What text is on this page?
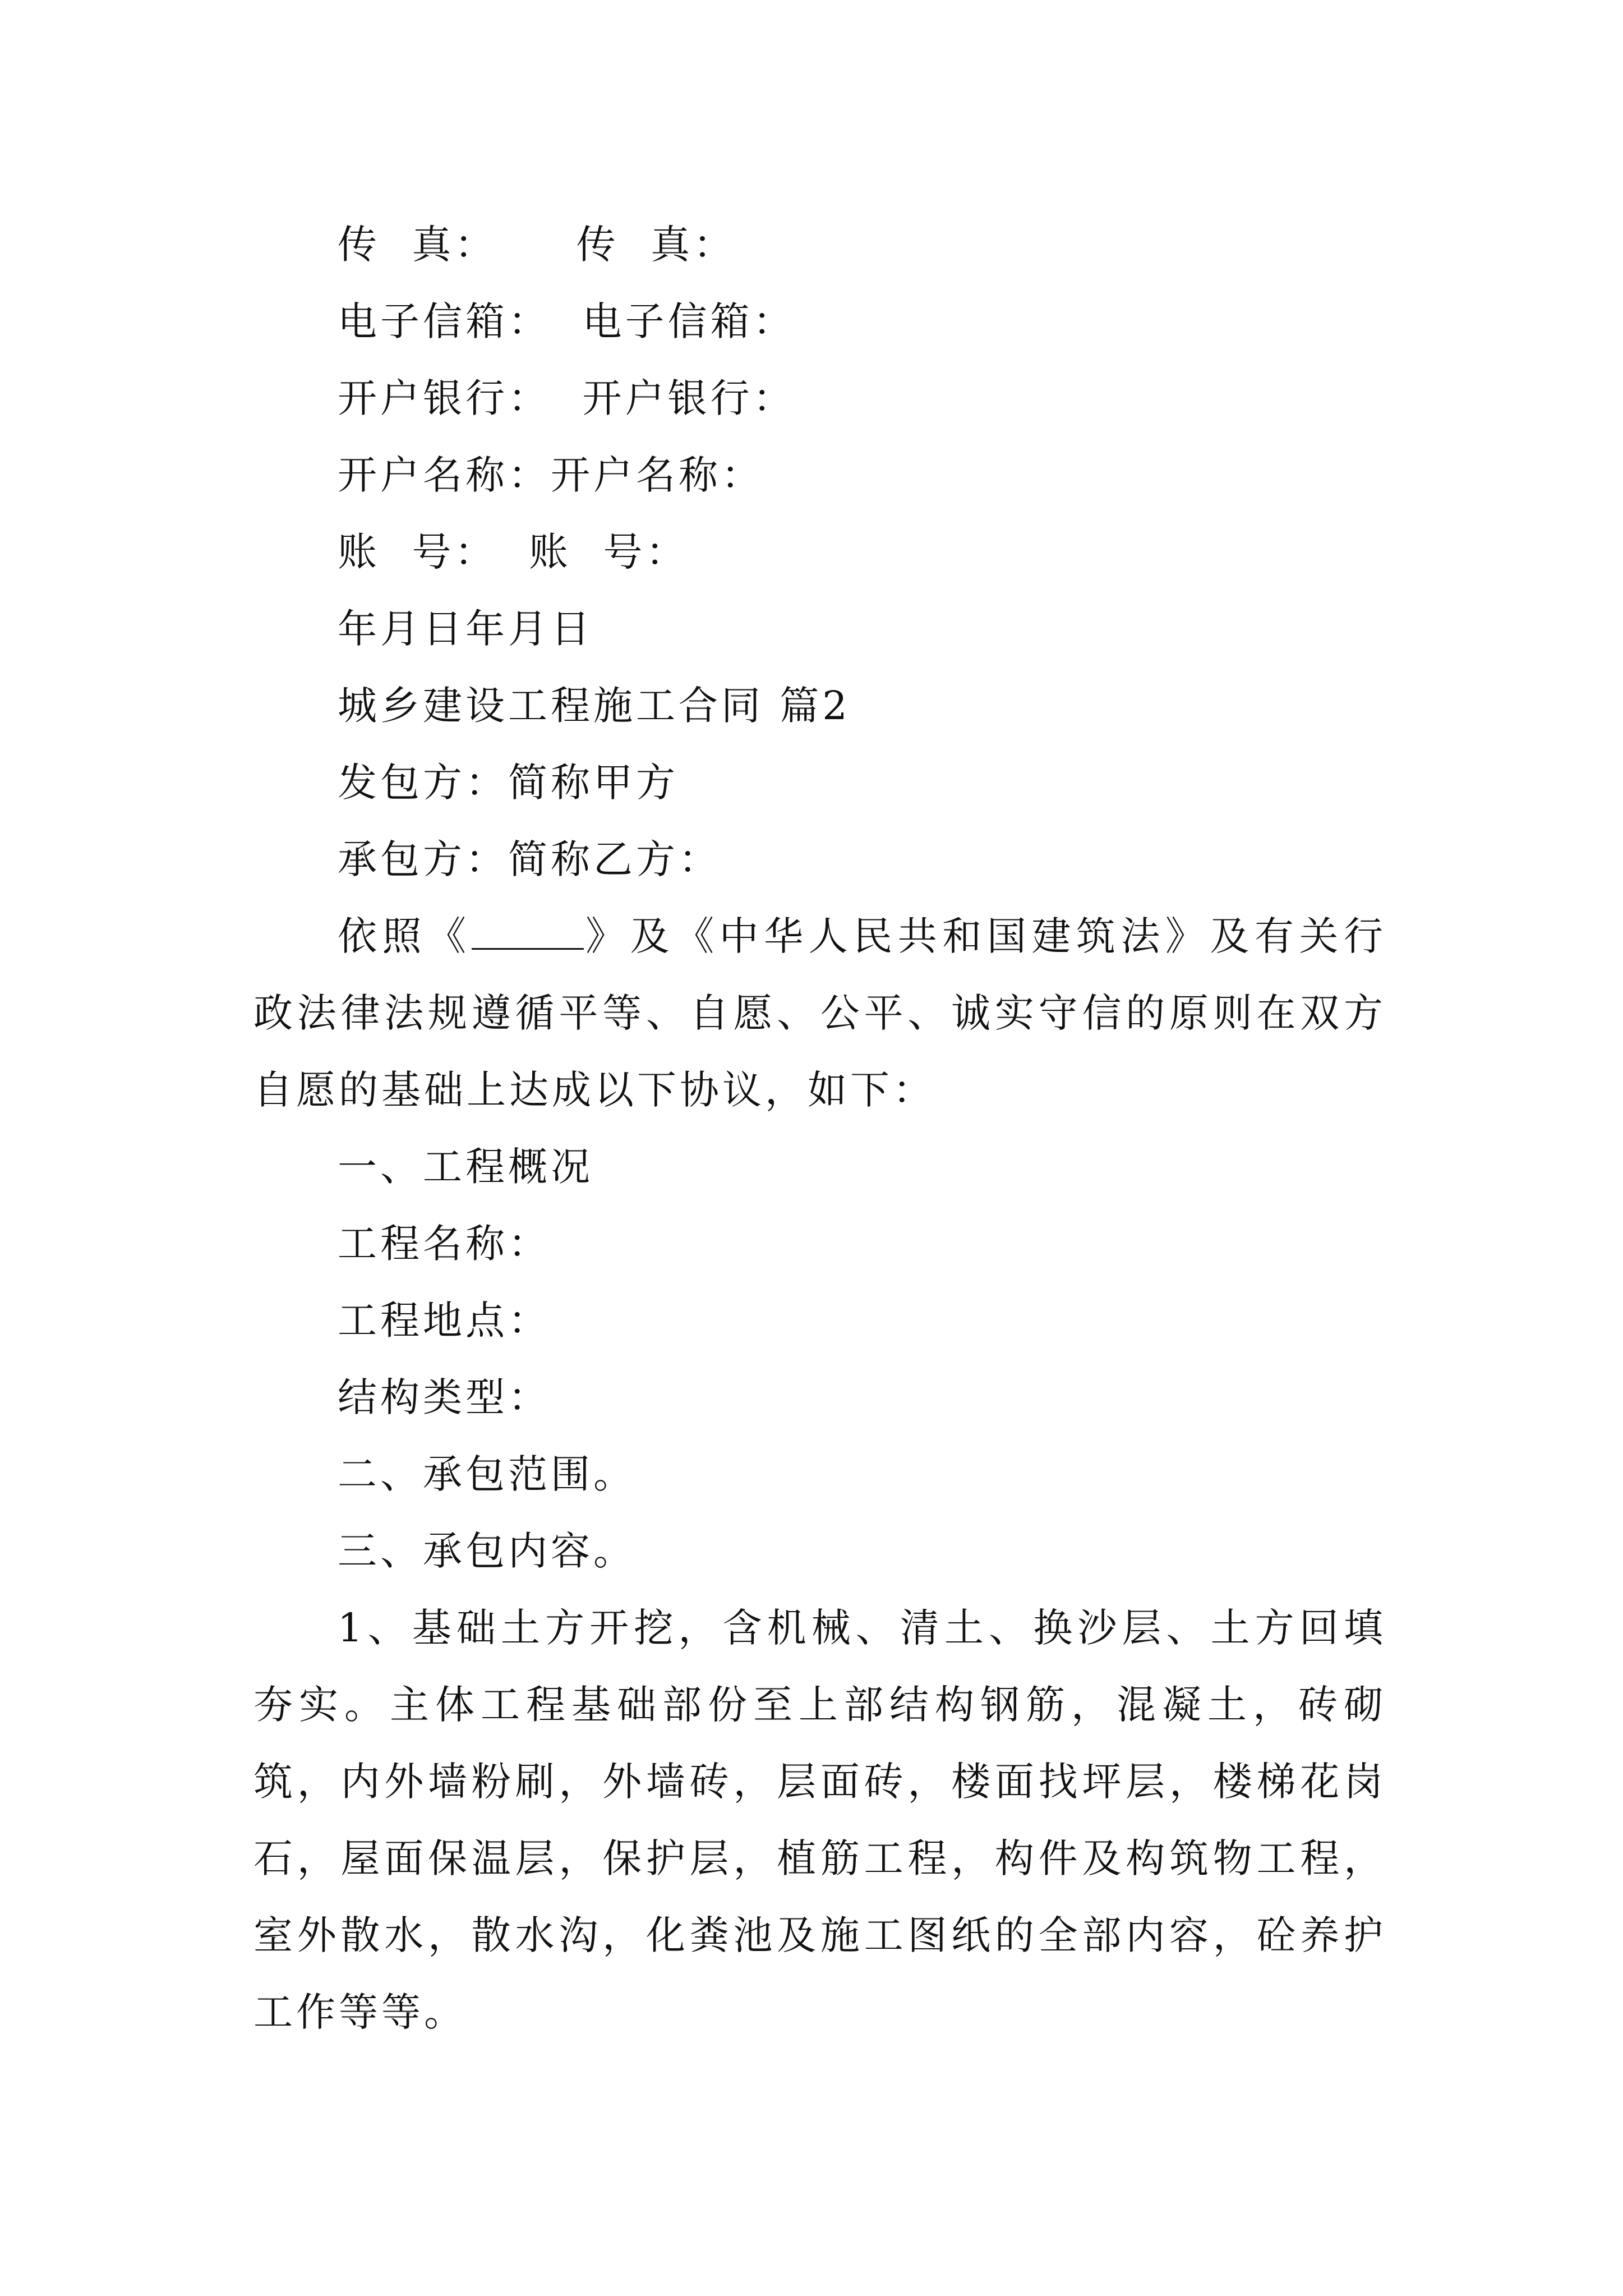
传  真：     传  真：
电子信箱：  电子信箱：
开户银行：  开户银行：
开户名称：开户名称：
账  号：  账  号：
年月日年月日
城乡建设工程施工合同 篇2
发包方：简称甲方
承包方：简称乙方：
依照《	》及《中华人民共和国建筑法》及有关行政法律法规遵循平等、自愿、公平、诚实守信的原则在双方自愿的基础上达成以下协议，如下：
一、工程概况
工程名称：
工程地点：
结构类型：
二、承包范围。
三、承包内容。
1、基础土方开挖，含机械、清土、换沙层、土方回填夯实。主体工程基础部份至上部结构钢筋，混凝土，砖砌筑，内外墙粉刷，外墙砖，层面砖，楼面找坪层，楼梯花岗石，屋面保温层，保护层，植筋工程，构件及构筑物工程，室外散水，散水沟，化粪池及施工图纸的全部内容，砼养护工作等等。
